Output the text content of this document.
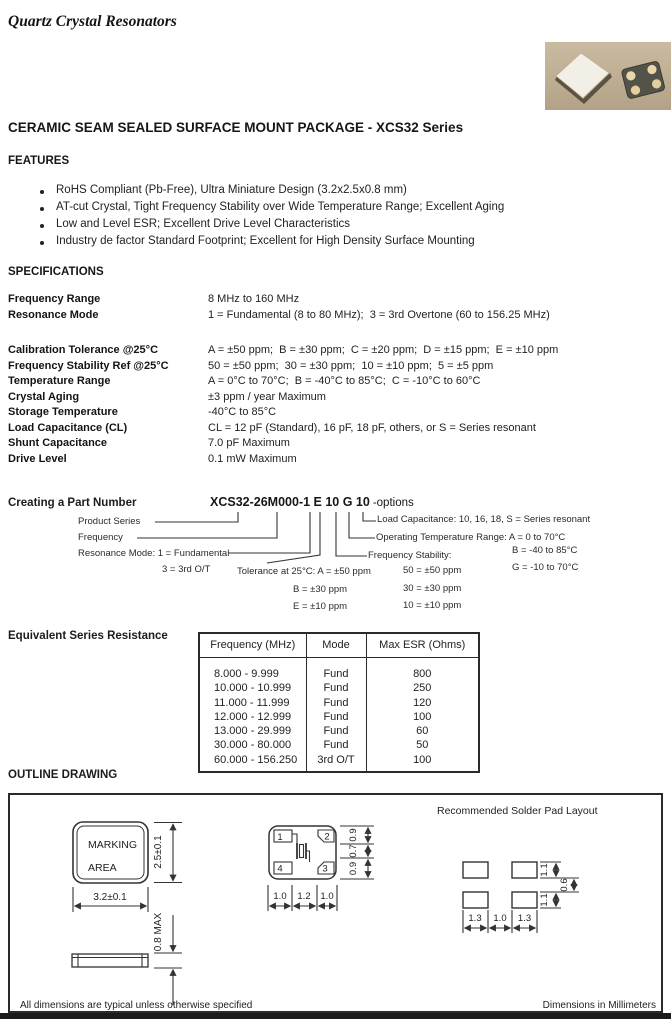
Quartz Crystal Resonators
CERAMIC SEAM SEALED SURFACE MOUNT PACKAGE - XCS32 Series
FEATURES
RoHS Compliant (Pb-Free), Ultra Miniature Design (3.2x2.5x0.8 mm)
AT-cut Crystal, Tight Frequency Stability over Wide Temperature Range; Excellent Aging
Low and Level ESR; Excellent Drive Level Characteristics
Industry de factor Standard Footprint; Excellent for High Density Surface Mounting
SPECIFICATIONS
Frequency Range	8 MHz to 160 MHz
Resonance Mode	1 = Fundamental (8 to 80 MHz);  3 = 3rd Overtone (60 to 156.25 MHz)
Calibration Tolerance @25°C	A = ±50 ppm;  B = ±30 ppm;  C = ±20 ppm;  D = ±15 ppm;  E = ±10 ppm
Frequency Stability Ref @25°C	50 = ±50 ppm;  30 = ±30 ppm;  10 = ±10 ppm;  5 = ±5 ppm
Temperature Range	A = 0°C to 70°C;  B = -40°C to 85°C;  C = -10°C to 60°C
Crystal Aging	±3 ppm / year Maximum
Storage Temperature	-40°C to 85°C
Load Capacitance (CL)	CL = 12 pF (Standard), 16 pF, 18 pF, others, or S = Series resonant
Shunt Capacitance	7.0 pF Maximum
Drive Level	0.1 mW Maximum
Creating a Part Number	XCS32-26M000-1 E 10 G 10 -options
Product Series
Frequency
Resonance Mode: 1 = Fundamental
3 = 3rd O/T	Tolerance at 25°C: A = ±50 ppm
B = ±30 ppm
E = ±10 ppm
Frequency Stability:
50 = ±50 ppm
30 = ±30 ppm
10 = ±10 ppm
Load Capacitance: 10, 16, 18, S = Series resonant
Operating Temperature Range: A = 0 to 70°C
B = -40 to 85°C
G = -10 to 70°C
Equivalent Series Resistance
Frequency (MHz)	Mode	Max ESR (Ohms)
8.000 - 9.999	Fund	800
10.000 - 10.999	Fund	250
11.000 - 11.999	Fund	120
12.000 - 12.999	Fund	100
13.000 - 29.999	Fund	60
30.000 - 80.000	Fund	50
60.000 - 156.250	3rd O/T	100
OUTLINE DRAWING
Recommended Solder Pad Layout
MARKING
AREA	2.5±0.1
3.2±0.1
0.8 MAX
1	2
3
4
0.9
0.7
0.9
1.0 1.2 1.0
1.3 1.0 1.3
1.1
0.6
1.1
All dimensions are typical unless otherwise specified	Dimensions in Millimeters
